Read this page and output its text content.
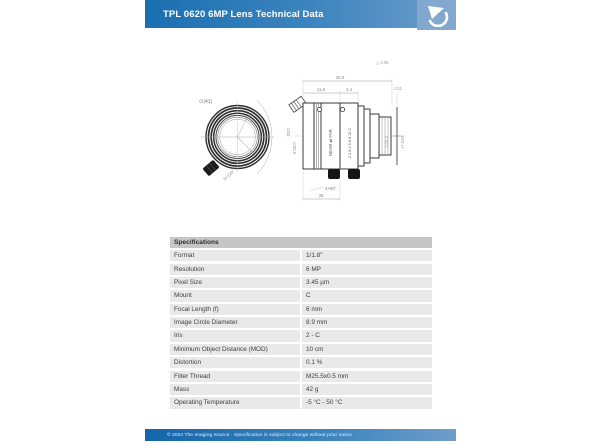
TPL 0620 6MP Lens Technical Data
∅(41)
∅41
∅30.5
3×120°
NEAR ⇄ FAR	2 2.8 4 5.6 8 16 C
36.5
11.5	2.4
△ 2.05
∅11
∅25.4	17.526
4×90°
35
Specifications
Format	1/1.8"
Resolution	6 MP
Pixel Size	3.45 µm
Mount	C
Focal Length (f)	6 mm
Image Circle Diameter	8.9 mm
Iris	2 - C
Minimum Object Distance (MOD)	10 cm
Distortion	0.1 %
Filter Thread	M25.5x0.5 mm
Mass	42 g
Operating Temperature	-5 °C - 50 °C
© 2024 The Imaging Source · Specification is subject to change without prior notice
